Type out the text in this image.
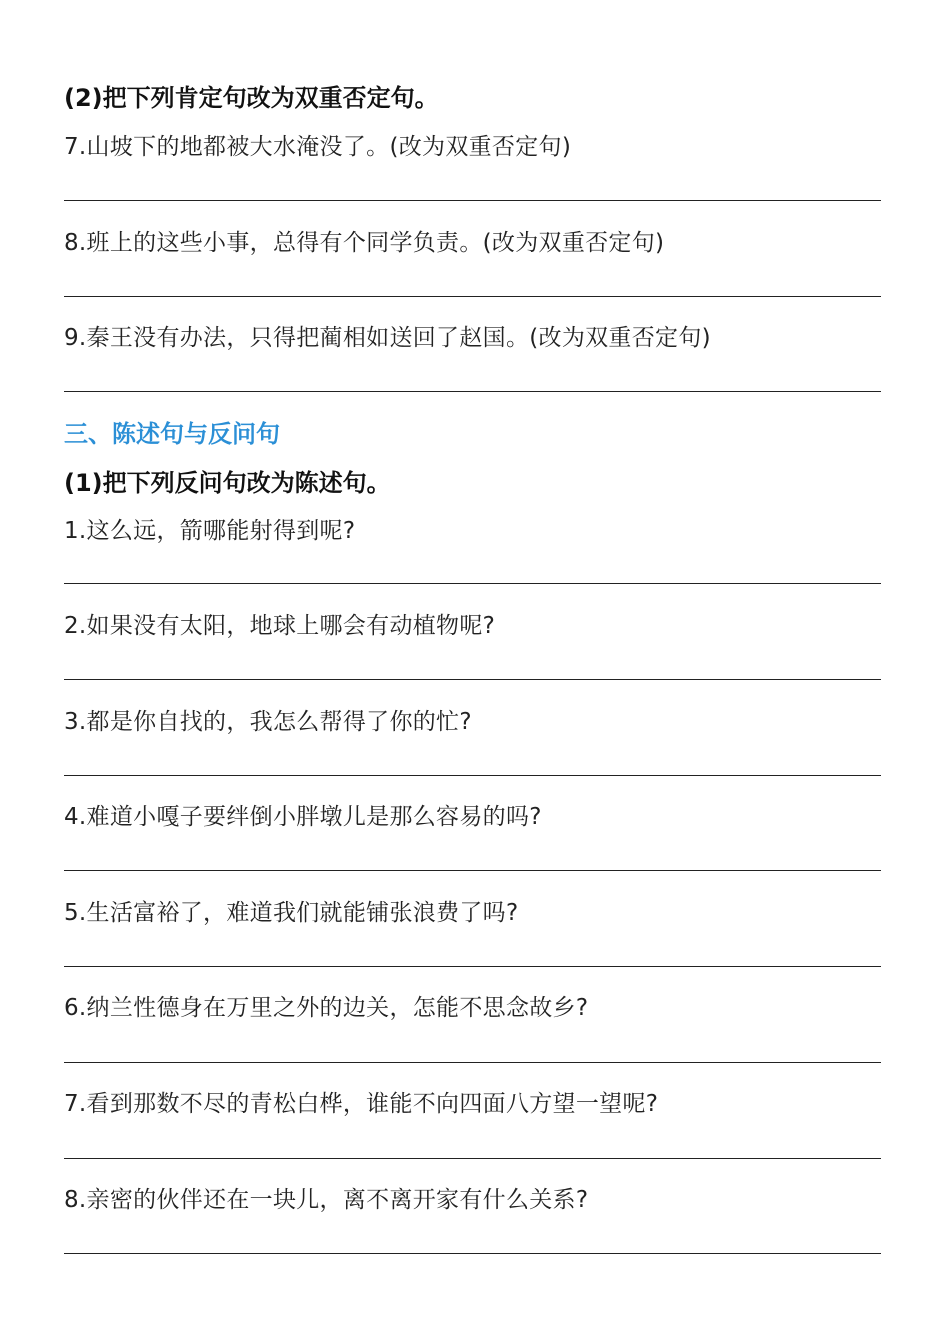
(2)把下列肯定句改为双重否定句。
7.山坡下的地都被大水淹没了。(改为双重否定句)
8.班上的这些小事，总得有个同学负责。(改为双重否定句)
9.秦王没有办法，只得把蔺相如送回了赵国。(改为双重否定句)
三、陈述句与反问句
(1)把下列反问句改为陈述句。
1.这么远，箭哪能射得到呢?
2.如果没有太阳，地球上哪会有动植物呢?
3.都是你自找的，我怎么帮得了你的忙?
4.难道小嘎子要绊倒小胖墩儿是那么容易的吗?
5.生活富裕了，难道我们就能铺张浪费了吗?
6.纳兰性德身在万里之外的边关，怎能不思念故乡?
7.看到那数不尽的青松白桦，谁能不向四面八方望一望呢?
8.亲密的伙伴还在一块儿，离不离开家有什么关系?
